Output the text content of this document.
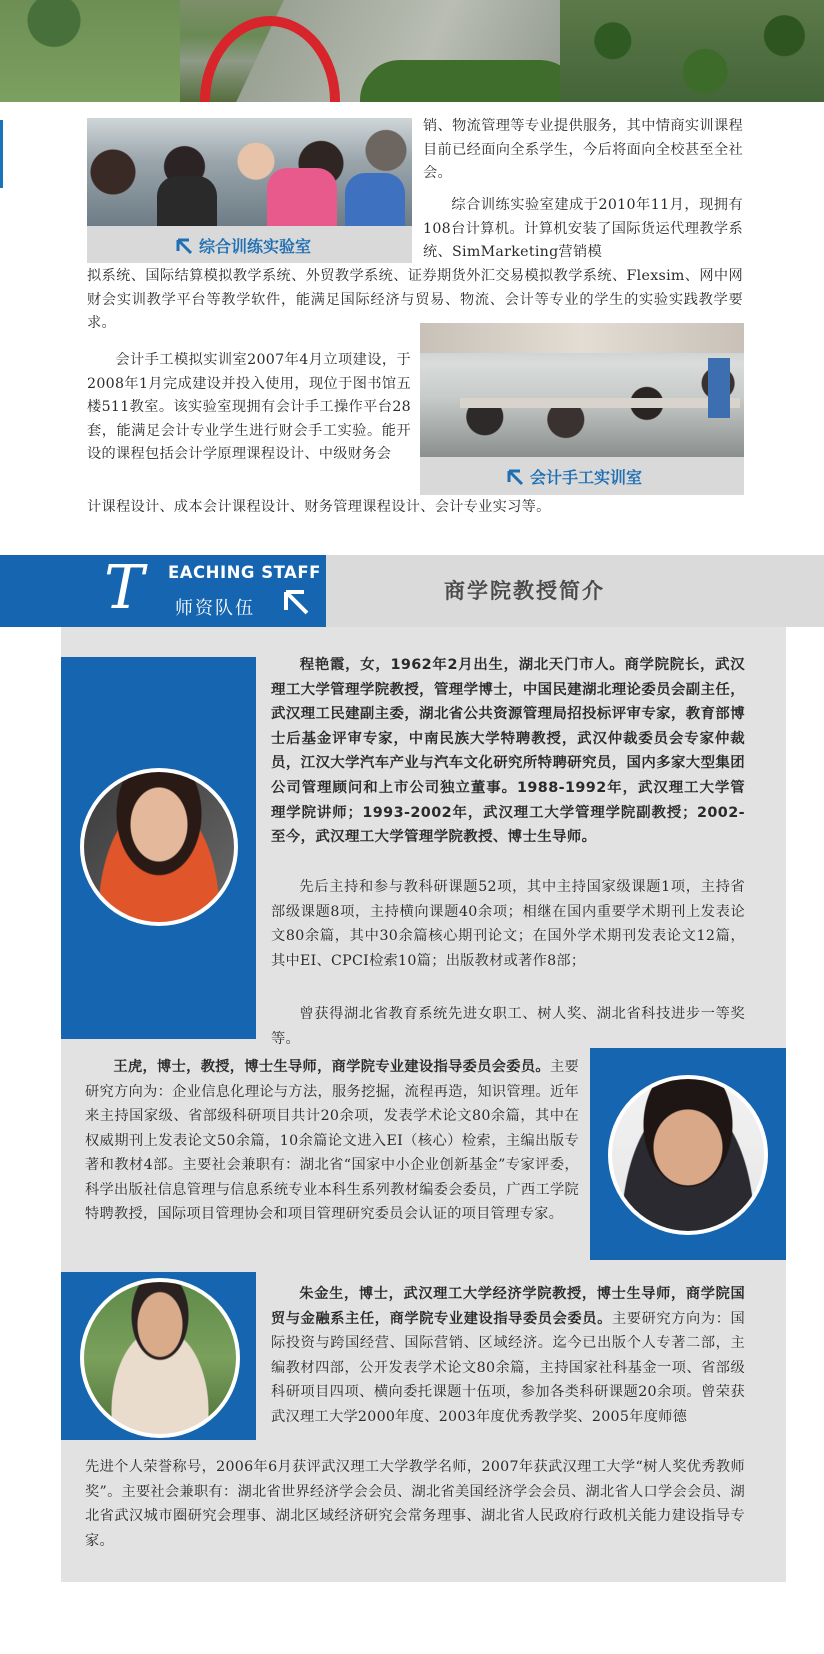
综合训练实验室

销、物流管理等专业提供服务，其中情商实训课程目前已经面向全系学生，今后将面向全校甚至全社会。

综合训练实验室建成于2010年11月，现拥有108台计算机。计算机安装了国际货运代理教学系统、SimMarketing营销模

拟系统、国际结算模拟教学系统、外贸教学系统、证券期货外汇交易模拟教学系统、Flexsim、网中网财会实训教学平台等教学软件，能满足国际经济与贸易、物流、会计等专业的学生的实验实践教学要求。

会计手工实训室

会计手工模拟实训室2007年4月立项建设，于2008年1月完成建设并投入使用，现位于图书馆五楼511教室。该实验室现拥有会计手工操作平台28套，能满足会计专业学生进行财会手工实验。能开设的课程包括会计学原理课程设计、中级财务会

计课程设计、成本会计课程设计、财务管理课程设计、会计专业实习等。

T EACHING STAFF
师资队伍
商学院教授简介

程艳霞，女，1962年2月出生，湖北天门市人。商学院院长，武汉理工大学管理学院教授，管理学博士，中国民建湖北理论委员会副主任，武汉理工民建副主委，湖北省公共资源管理局招投标评审专家，教育部博士后基金评审专家，中南民族大学特聘教授，武汉仲裁委员会专家仲裁员，江汉大学汽车产业与汽车文化研究所特聘研究员，国内多家大型集团公司管理顾问和上市公司独立董事。1988-1992年，武汉理工大学管理学院讲师；1993-2002年，武汉理工大学管理学院副教授；2002-至今，武汉理工大学管理学院教授、博士生导师。

先后主持和参与教科研课题52项，其中主持国家级课题1项，主持省部级课题8项，主持横向课题40余项；相继在国内重要学术期刊上发表论文80余篇，其中30余篇核心期刊论文；在国外学术期刊发表论文12篇，其中EI、CPCI检索10篇；出版教材或著作8部；

曾获得湖北省教育系统先进女职工、树人奖、湖北省科技进步一等奖等。

王虎，博士，教授，博士生导师，商学院专业建设指导委员会委员。主要研究方向为：企业信息化理论与方法，服务挖掘，流程再造，知识管理。近年来主持国家级、省部级科研项目共计20余项，发表学术论文80余篇，其中在权威期刊上发表论文50余篇，10余篇论文进入EI（核心）检索，主编出版专著和教材4部。主要社会兼职有：湖北省“国家中小企业创新基金”专家评委，科学出版社信息管理与信息系统专业本科生系列教材编委会委员，广西工学院特聘教授，国际项目管理协会和项目管理研究委员会认证的项目管理专家。

朱金生，博士，武汉理工大学经济学院教授，博士生导师，商学院国贸与金融系主任，商学院专业建设指导委员会委员。主要研究方向为：国际投资与跨国经营、国际营销、区域经济。迄今已出版个人专著二部，主编教材四部，公开发表学术论文80余篇，主持国家社科基金一项、省部级科研项目四项、横向委托课题十伍项，参加各类科研课题20余项。曾荣获武汉理工大学2000年度、2003年度优秀教学奖、2005年度师德

先进个人荣誉称号，2006年6月获评武汉理工大学教学名师，2007年获武汉理工大学“树人奖优秀教师奖”。主要社会兼职有：湖北省世界经济学会会员、湖北省美国经济学会会员、湖北省人口学会会员、湖北省武汉城市圈研究会理事、湖北区域经济研究会常务理事、湖北省人民政府行政机关能力建设指导专家。
